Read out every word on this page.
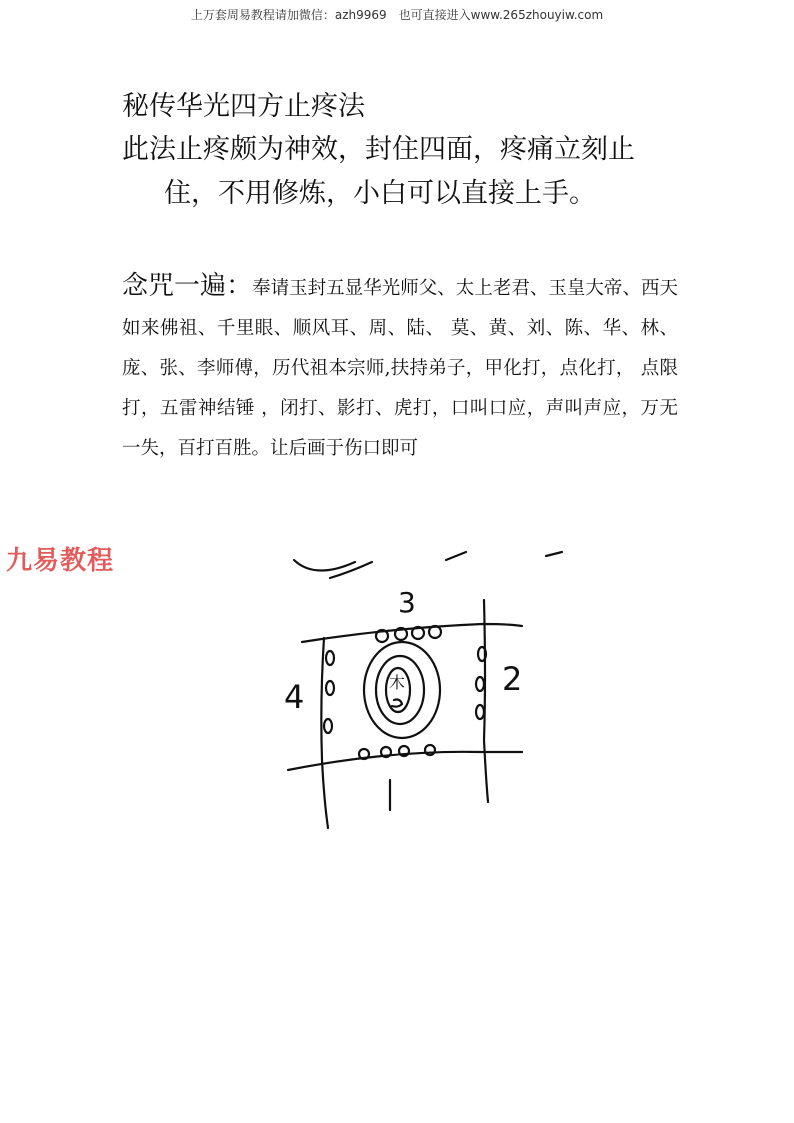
上万套周易教程请加微信：azh9969　也可直接进入www.265zhouyiw.com
秘传华光四方止疼法
此法止疼颇为神效，封住四面，疼痛立刻止
住，不用修炼，小白可以直接上手。
念咒一遍：奉请玉封五显华光师父、太上老君、玉皇大帝、西天如来佛祖、千里眼、顺风耳、周、陆、 莫、黄、刘、陈、华、林、庞、张、李师傅，历代祖本宗师,扶持弟子，甲化打，点化打， 点限打，五雷神结锤 ，闭打、影打、虎打，口叫口应，声叫声应，万无一失，百打百胜。让后画于伤口即可
九易教程
3
4	2
木
